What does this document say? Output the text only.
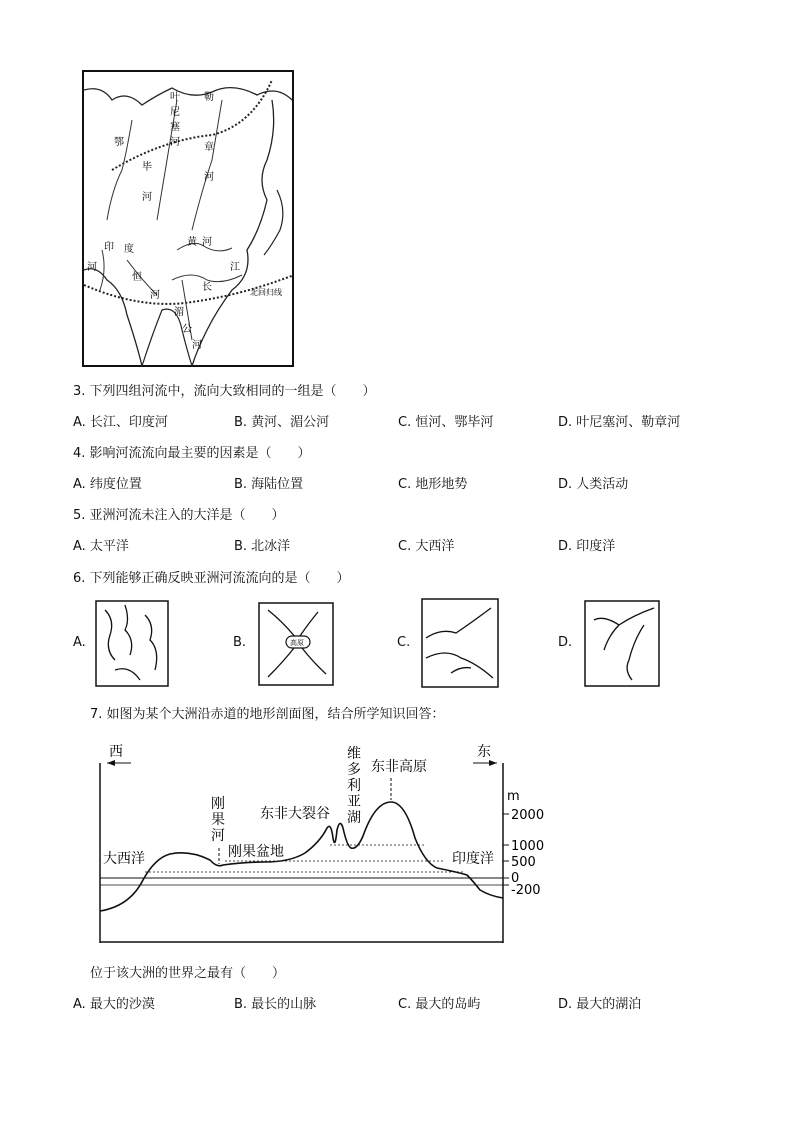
叶
尼
塞
河
勒
章
河
鄂
毕
河
黄 河
印 度
河
恒
河
长
江
湄
公
河
北回归线
3. 下列四组河流中，流向大致相同的一组是（　　）
A. 长江、印度河	B. 黄河、湄公河	C. 恒河、鄂毕河	D. 叶尼塞河、勒章河
4. 影响河流流向最主要的因素是（　　）
A. 纬度位置	B. 海陆位置	C. 地形地势	D. 人类活动
5. 亚洲河流未注入的大洋是（　　）
A. 太平洋	B. 北冰洋	C. 大西洋	D. 印度洋
6. 下列能够正确反映亚洲河流流向的是（　　）
A.	B.	高原	C.	D.
7. 如图为某个大洲沿赤道的地形剖面图，结合所学知识回答：
西	东
m
2000
1000
500
0
-200
大西洋	印度洋
刚
果
河
刚果盆地
东非大裂谷
维
多
利
亚
湖
东非高原
位于该大洲的世界之最有（　　）
A. 最大的沙漠	B. 最长的山脉	C. 最大的岛屿	D. 最大的湖泊
